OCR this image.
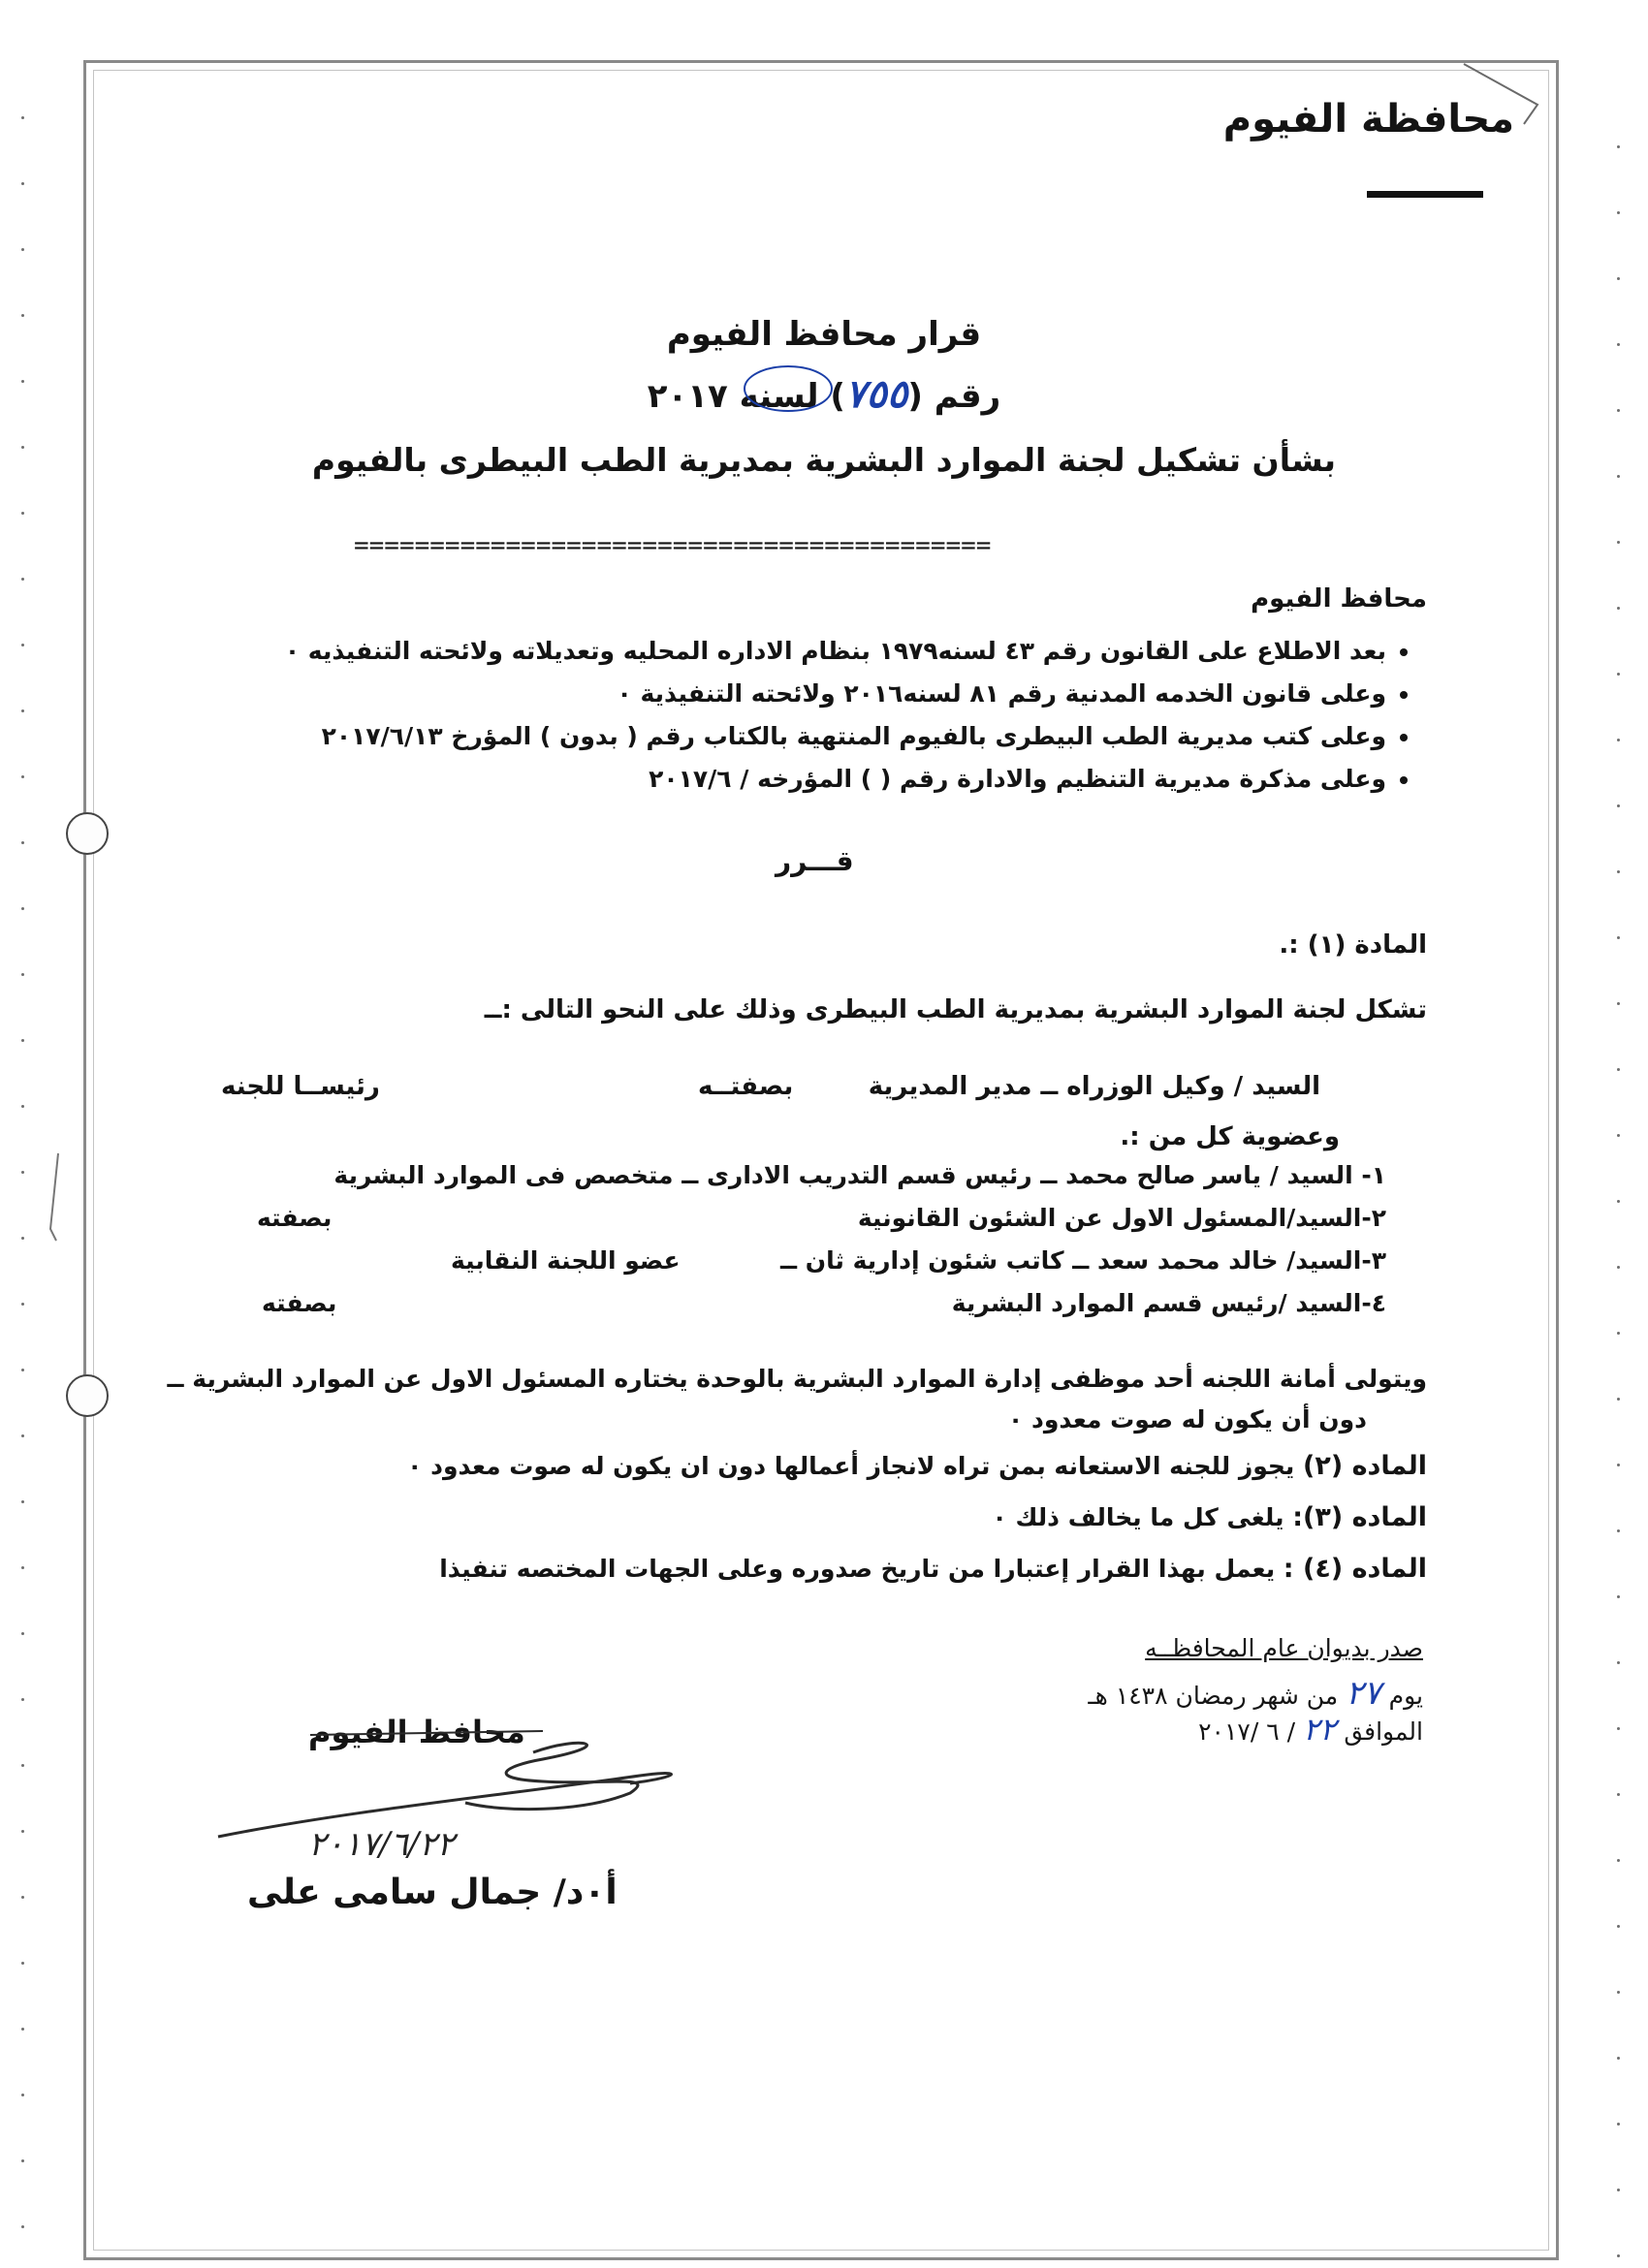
محافظة الفيوم
قرار محافظ الفيوم
رقم (٧٥٥) لسنه ٢٠١٧
بشأن تشكيل لجنة الموارد البشرية بمديرية الطب البيطرى بالفيوم
==========================================
محافظ الفيوم
• بعد الاطلاع على القانون رقم ٤٣ لسنه١٩٧٩ بنظام الاداره المحليه وتعديلاته ولائحته التنفيذيه ٠
• وعلى قانون الخدمه المدنية رقم ٨١ لسنه٢٠١٦ ولائحته التنفيذية ٠
• وعلى كتب مديرية الطب البيطرى بالفيوم المنتهية بالكتاب رقم ( بدون ) المؤرخ ٢٠١٧/٦/١٣
• وعلى مذكرة مديرية التنظيم والادارة رقم ( ) المؤرخه / ٢٠١٧/٦
قـــرر
المادة (١) :.
تشكل لجنة الموارد البشرية بمديرية الطب البيطرى وذلك على النحو التالى :ــ
السيد / وكيل الوزراه ــ مدير المديرية
بصفتــه
رئيســا للجنه
وعضوية كل من :.
١- السيد / ياسر صالح محمد ــ رئيس قسم التدريب الادارى ــ متخصص فى الموارد البشرية
٢-السيد/المسئول الاول عن الشئون القانونية
بصفته
٣-السيد/ خالد محمد سعد ــ كاتب شئون إدارية ثان ــ
عضو اللجنة النقابية
٤-السيد /رئيس قسم الموارد البشرية
بصفته
ويتولى أمانة اللجنه أحد موظفى إدارة الموارد البشرية بالوحدة يختاره المسئول الاول عن الموارد البشرية ــ
دون أن يكون له صوت معدود ٠
الماده (٢) يجوز للجنه الاستعانه بمن تراه لانجاز أعمالها دون ان يكون له صوت معدود ٠
الماده (٣): يلغى كل ما يخالف ذلك ٠
الماده (٤) : يعمل بهذا القرار إعتبارا من تاريخ صدوره وعلى الجهات المختصه تنفيذا
صدر بديوان عام المحافظــه
يوم ٢٧ من شهر رمضان ١٤٣٨ هـ
الموافق ٢٢ / ٦ /٢٠١٧
محافظ الفيوم
٢٠١٧/٦/٢٢
أ٠د/ جمال سامى على
